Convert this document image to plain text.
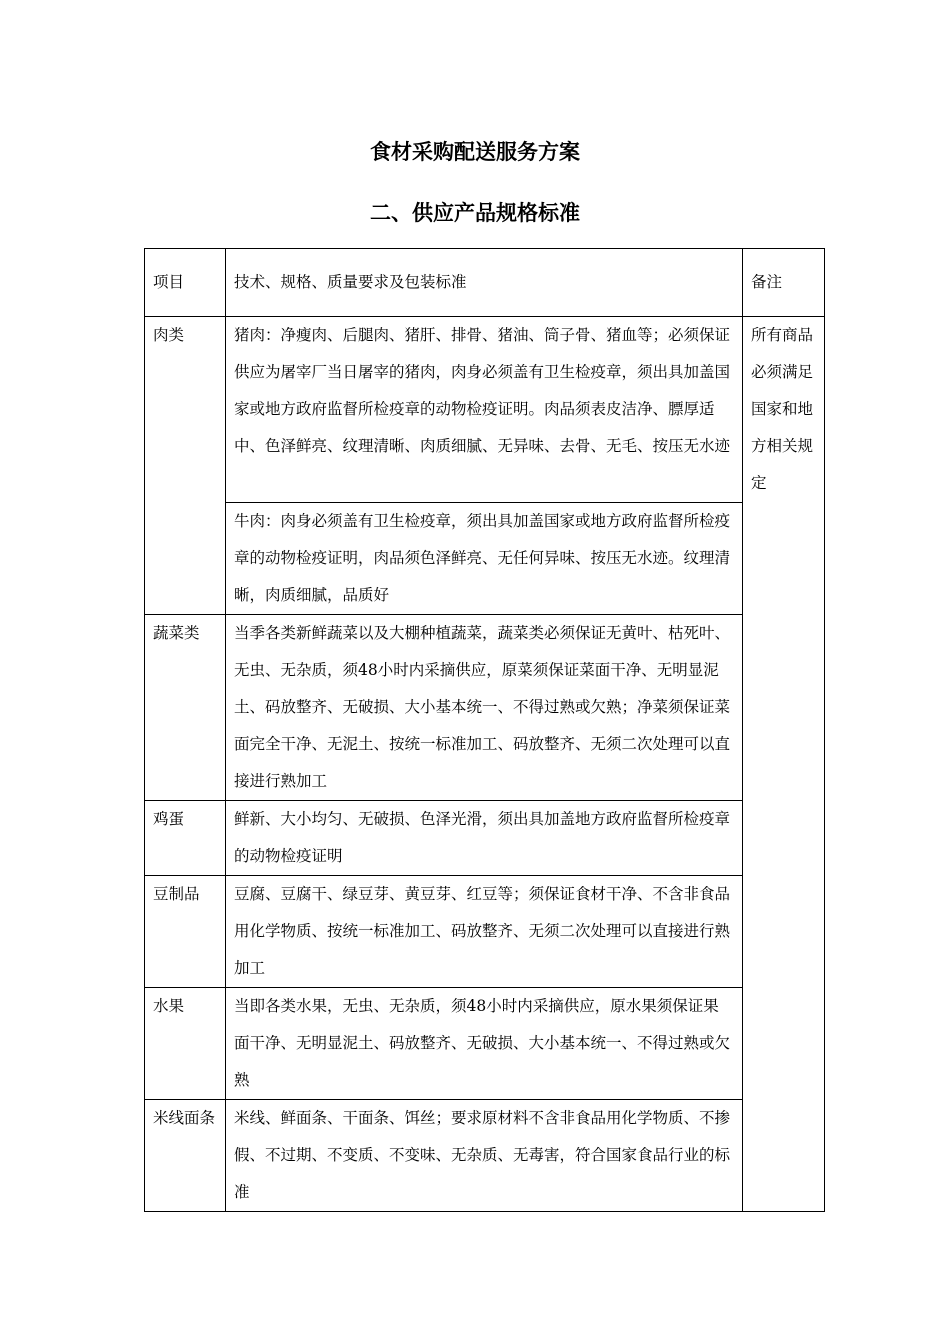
食材采购配送服务方案
二、供应产品规格标准
项目	技术、规格、质量要求及包装标准	备注
肉类	猪肉：净瘦肉、后腿肉、猪肝、排骨、猪油、筒子骨、猪血等；必须保证供应为屠宰厂当日屠宰的猪肉，肉身必须盖有卫生检疫章，须出具加盖国家或地方政府监督所检疫章的动物检疫证明。肉品须表皮洁净、膘厚适中、色泽鲜亮、纹理清晰、肉质细腻、无异味、去骨、无毛、按压无水迹	所有商品必须满足国家和地方相关规定
	牛肉：肉身必须盖有卫生检疫章，须出具加盖国家或地方政府监督所检疫章的动物检疫证明，肉品须色泽鲜亮、无任何异味、按压无水迹。纹理清晰，肉质细腻，品质好	
蔬菜类	当季各类新鲜蔬菜以及大棚种植蔬菜，蔬菜类必须保证无黄叶、枯死叶、无虫、无杂质，须48小时内采摘供应，原菜须保证菜面干净、无明显泥土、码放整齐、无破损、大小基本统一、不得过熟或欠熟；净菜须保证菜面完全干净、无泥土、按统一标准加工、码放整齐、无须二次处理可以直接进行熟加工	
鸡蛋	鲜新、大小均匀、无破损、色泽光滑，须出具加盖地方政府监督所检疫章的动物检疫证明	
豆制品	豆腐、豆腐干、绿豆芽、黄豆芽、红豆等；须保证食材干净、不含非食品用化学物质、按统一标准加工、码放整齐、无须二次处理可以直接进行熟加工	
水果	当即各类水果，无虫、无杂质，须48小时内采摘供应，原水果须保证果面干净、无明显泥土、码放整齐、无破损、大小基本统一、不得过熟或欠熟	
米线面条	米线、鲜面条、干面条、饵丝；要求原材料不含非食品用化学物质、不掺假、不过期、不变质、不变味、无杂质、无毒害，符合国家食品行业的标准	
